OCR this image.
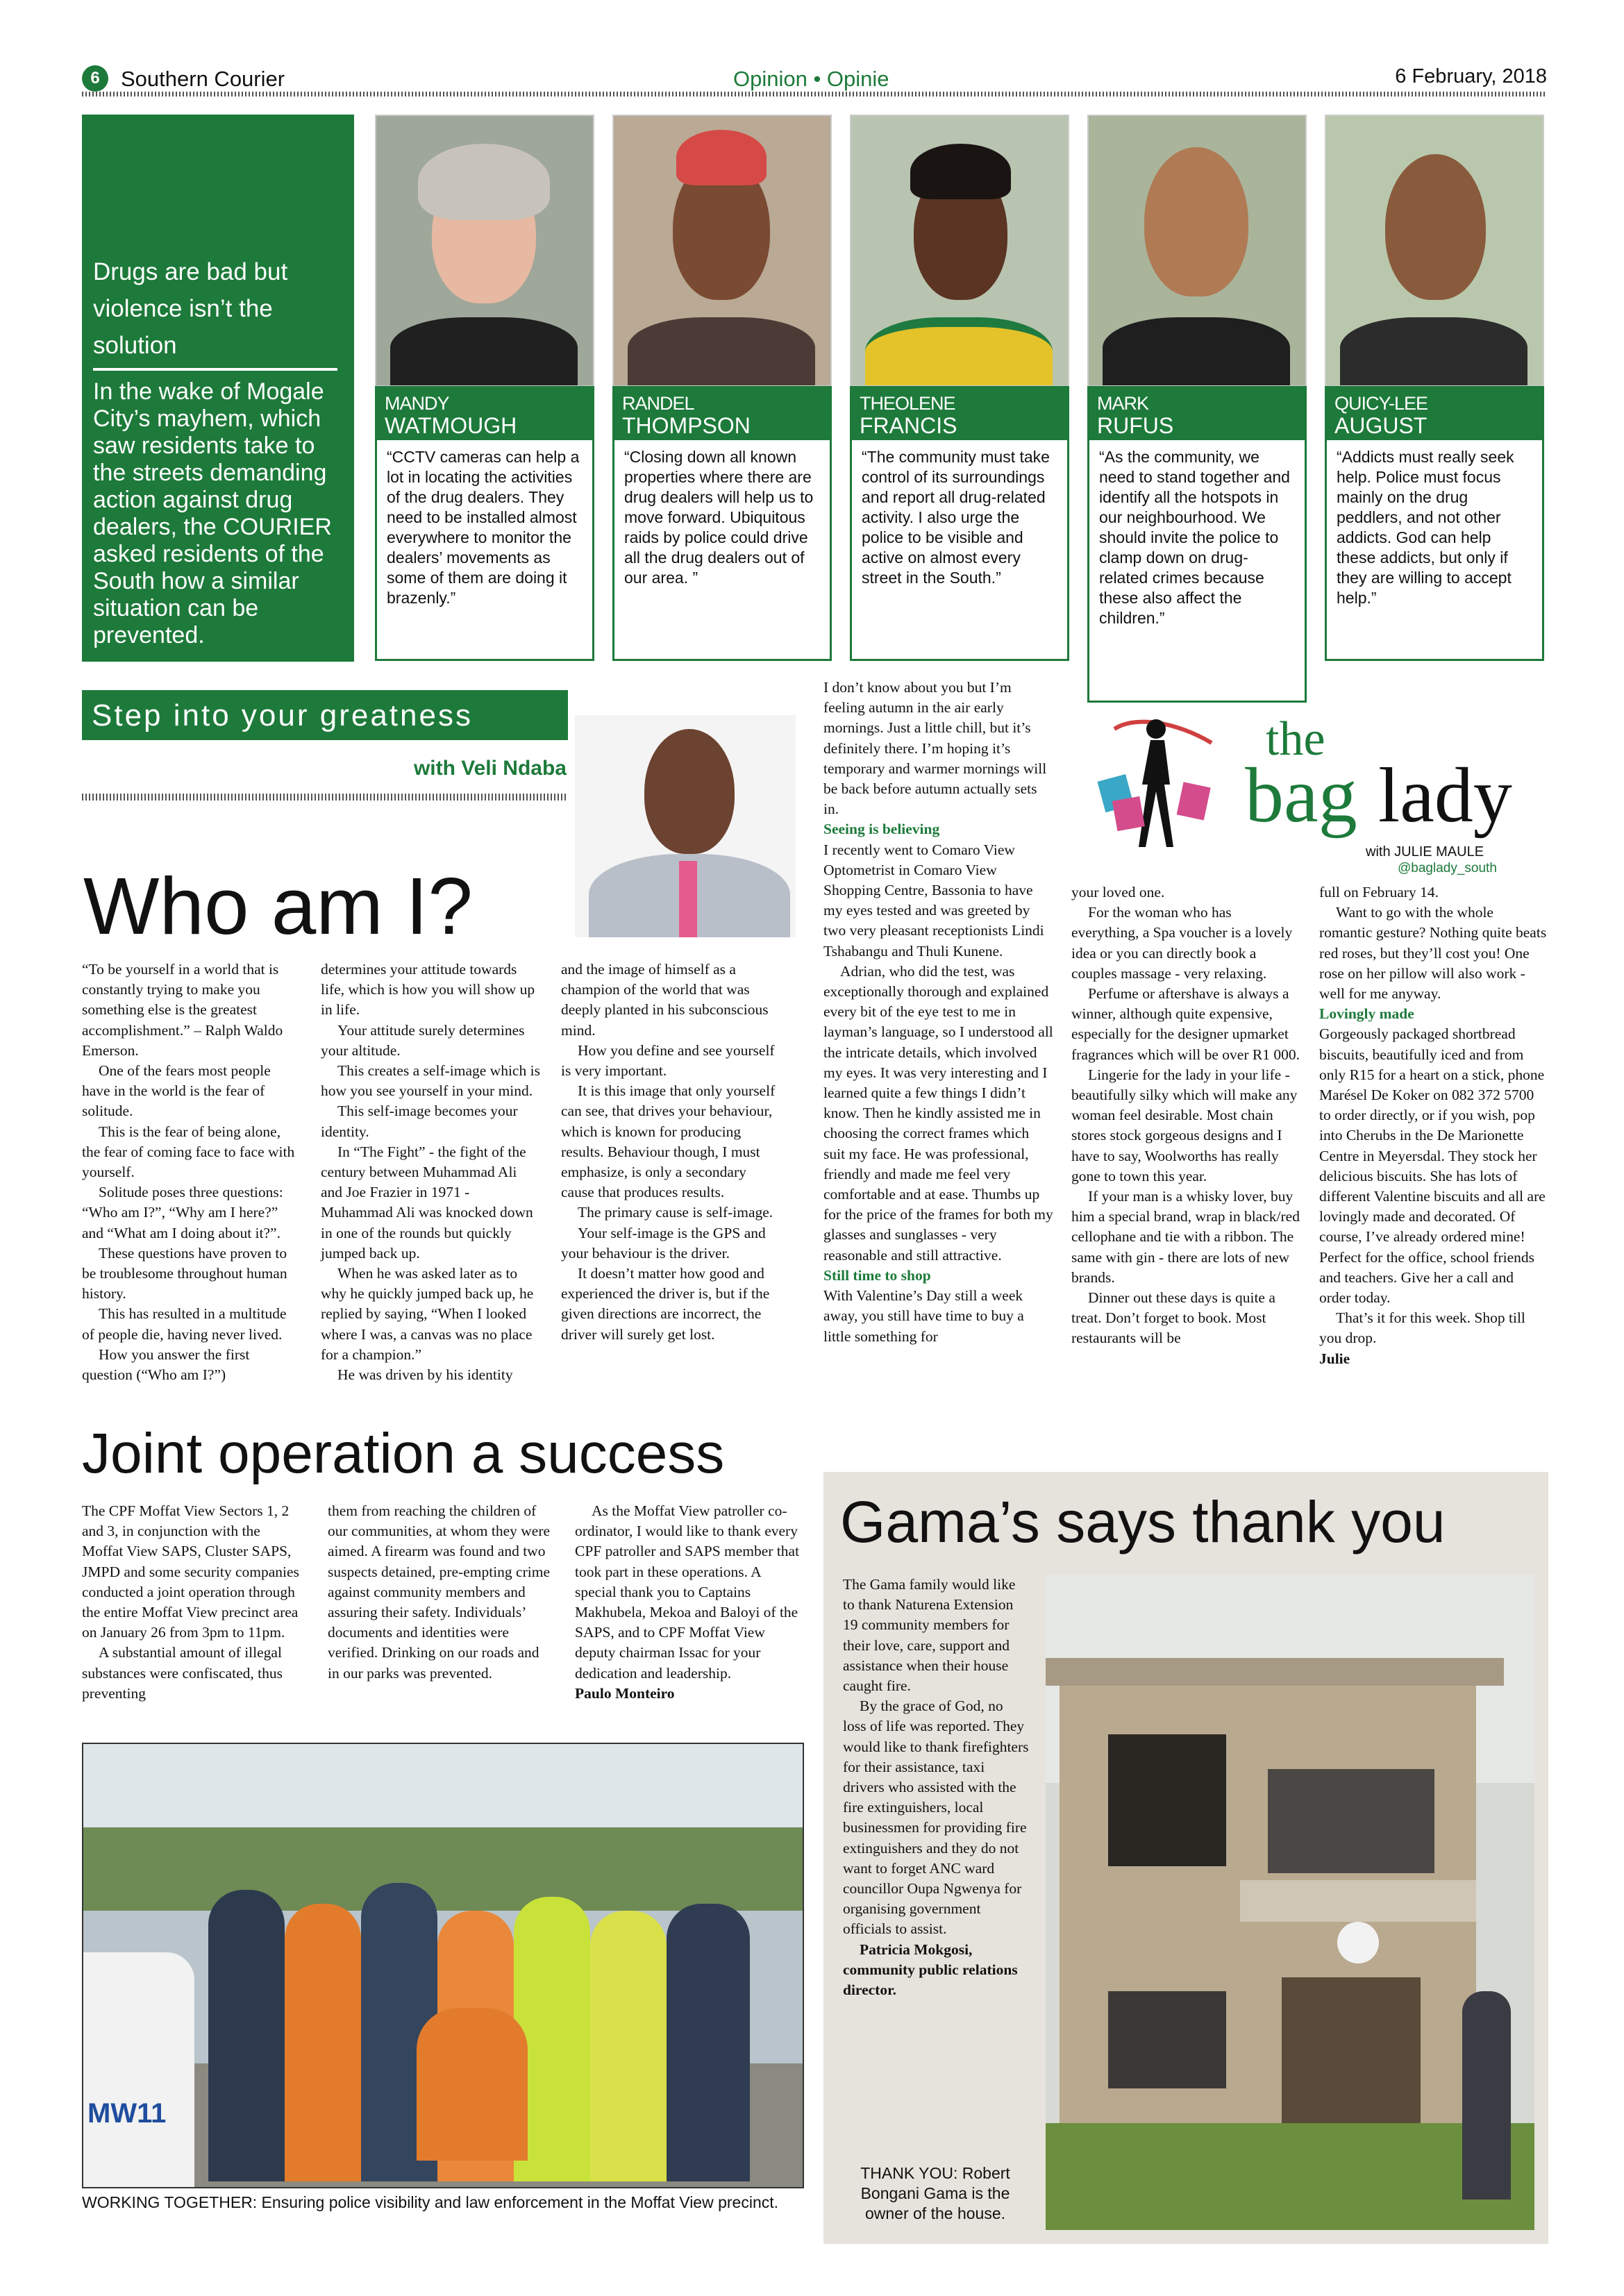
6 Southern Courier	Opinion • Opinie	6 February, 2018
Drugs are bad but violence isn’t the solution
In the wake of Mogale City’s mayhem, which saw residents take to the streets demanding action against drug dealers, the COURIER asked residents of the South how a similar situation can be prevented.
MANDY
WATMOUGH
“CCTV cameras can help a lot in locating the activities of the drug dealers. They need to be installed almost everywhere to monitor the dealers’ movements as some of them are doing it brazenly.”
RANDEL
THOMPSON
“Closing down all known properties where there are drug dealers will help us to move forward. Ubiquitous raids by police could drive all the drug dealers out of our area. ”
THEOLENE
FRANCIS
“The community must take control of its surroundings and report all drug-related activity. I also urge the police to be visible and active on almost every street in the South.”
MARK
RUFUS
“As the community, we need to stand together and identify all the hotspots in our neighbourhood. We should invite the police to clamp down on drug-related crimes because these also affect the children.”
QUICY-LEE
AUGUST
“Addicts must really seek help. Police must focus mainly on the drug peddlers, and not other addicts. God can help these addicts, but only if they are willing to accept help.”
Step into your greatness
with Veli Ndaba
Who am I?

“To be yourself in a world that is constantly trying to make you something else is the greatest accomplishment.” – Ralph Waldo Emerson.

One of the fears most people have in the world is the fear of solitude.

This is the fear of being alone, the fear of coming face to face with yourself.

Solitude poses three questions: “Who am I?”, “Why am I here?” and “What am I doing about it?”.

These questions have proven to be troublesome throughout human history.

This has resulted in a multitude of people die, having never lived.

How you answer the first question (“Who am I?”)

determines your attitude towards life, which is how you will show up in life.

Your attitude surely determines your altitude.

This creates a self-image which is how you see yourself in your mind.

This self-image becomes your identity.

In “The Fight” - the fight of the century between Muhammad Ali and Joe Frazier in 1971 - Muhammad Ali was knocked down in one of the rounds but quickly jumped back up.

When he was asked later as to why he quickly jumped back up, he replied by saying, “When I looked where I was, a canvas was no place for a champion.”

He was driven by his identity

and the image of himself as a champion of the world that was deeply planted in his subconscious mind.

How you define and see yourself is very important.

It is this image that only yourself can see, that drives your behaviour, which is known for producing results. Behaviour though, I must emphasize, is only a secondary cause that produces results.

The primary cause is self-image.

Your self-image is the GPS and your behaviour is the driver.

It doesn’t matter how good and experienced the driver is, but if the given directions are incorrect, the driver will surely get lost.

the
bag lady
with JULIE MAULE
@baglady_south

I don’t know about you but I’m feeling autumn in the air early mornings. Just a little chill, but it’s definitely there. I’m hoping it’s temporary and warmer mornings will be back before autumn actually sets in.

Seeing is believing

I recently went to Comaro View Optometrist in Comaro View Shopping Centre, Bassonia to have my eyes tested and was greeted by two very pleasant receptionists Lindi Tshabangu and Thuli Kunene.

Adrian, who did the test, was exceptionally thorough and explained every bit of the eye test to me in layman’s language, so I understood all the intricate details, which involved my eyes. It was very interesting and I learned quite a few things I didn’t know. Then he kindly assisted me in choosing the correct frames which suit my face. He was professional, friendly and made me feel very comfortable and at ease. Thumbs up for the price of the frames for both my glasses and sunglasses - very reasonable and still attractive.

Still time to shop

With Valentine’s Day still a week away, you still have time to buy a little something for

your loved one.

For the woman who has everything, a Spa voucher is a lovely idea or you can directly book a couples massage - very relaxing.

Perfume or aftershave is always a winner, although quite expensive, especially for the designer upmarket fragrances which will be over R1 000.

Lingerie for the lady in your life - beautifully silky which will make any woman feel desirable. Most chain stores stock gorgeous designs and I have to say, Woolworths has really gone to town this year.

If your man is a whisky lover, buy him a special brand, wrap in black/red cellophane and tie with a ribbon. The same with gin - there are lots of new brands.

Dinner out these days is quite a treat. Don’t forget to book. Most restaurants will be

full on February 14.

Want to go with the whole romantic gesture? Nothing quite beats red roses, but they’ll cost you! One rose on her pillow will also work - well for me anyway.

Lovingly made

Gorgeously packaged shortbread biscuits, beautifully iced and from only R15 for a heart on a stick, phone Marésel De Koker on 082 372 5700 to order directly, or if you wish, pop into Cherubs in the De Marionette Centre in Meyersdal. They stock her delicious biscuits. She has lots of different Valentine biscuits and all are lovingly made and decorated. Of course, I’ve already ordered mine! Perfect for the office, school friends and teachers. Give her a call and order today.

That’s it for this week. Shop till you drop.

Julie

Joint operation a success

The CPF Moffat View Sectors 1, 2 and 3, in conjunction with the Moffat View SAPS, Cluster SAPS, JMPD and some security companies conducted a joint operation through the entire Moffat View precinct area on January 26 from 3pm to 11pm.

A substantial amount of illegal substances were confiscated, thus preventing

them from reaching the children of our communities, at whom they were aimed. A firearm was found and two suspects detained, pre-empting crime against community members and assuring their safety. Individuals’ documents and identities were verified. Drinking on our roads and in our parks was prevented.

As the Moffat View patroller co-ordinator, I would like to thank every CPF patroller and SAPS member that took part in these operations. A special thank you to Captains Makhubela, Mekoa and Baloyi of the SAPS, and to CPF Moffat View deputy chairman Issac for your dedication and leadership.

Paulo Monteiro

MW11
WORKING TOGETHER: Ensuring police visibility and law enforcement in the Moffat View precinct.
Gama’s says thank you

The Gama family would like to thank Naturena Extension 19 community members for their love, care, support and assistance when their house caught fire.

By the grace of God, no loss of life was reported. They would like to thank firefighters for their assistance, taxi drivers who assisted with the fire extinguishers, local businessmen for providing fire extinguishers and they do not want to forget ANC ward councillor Oupa Ngwenya for organising government officials to assist.

Patricia Mokgosi, community public relations director.

THANK YOU: Robert Bongani Gama is the owner of the house.
